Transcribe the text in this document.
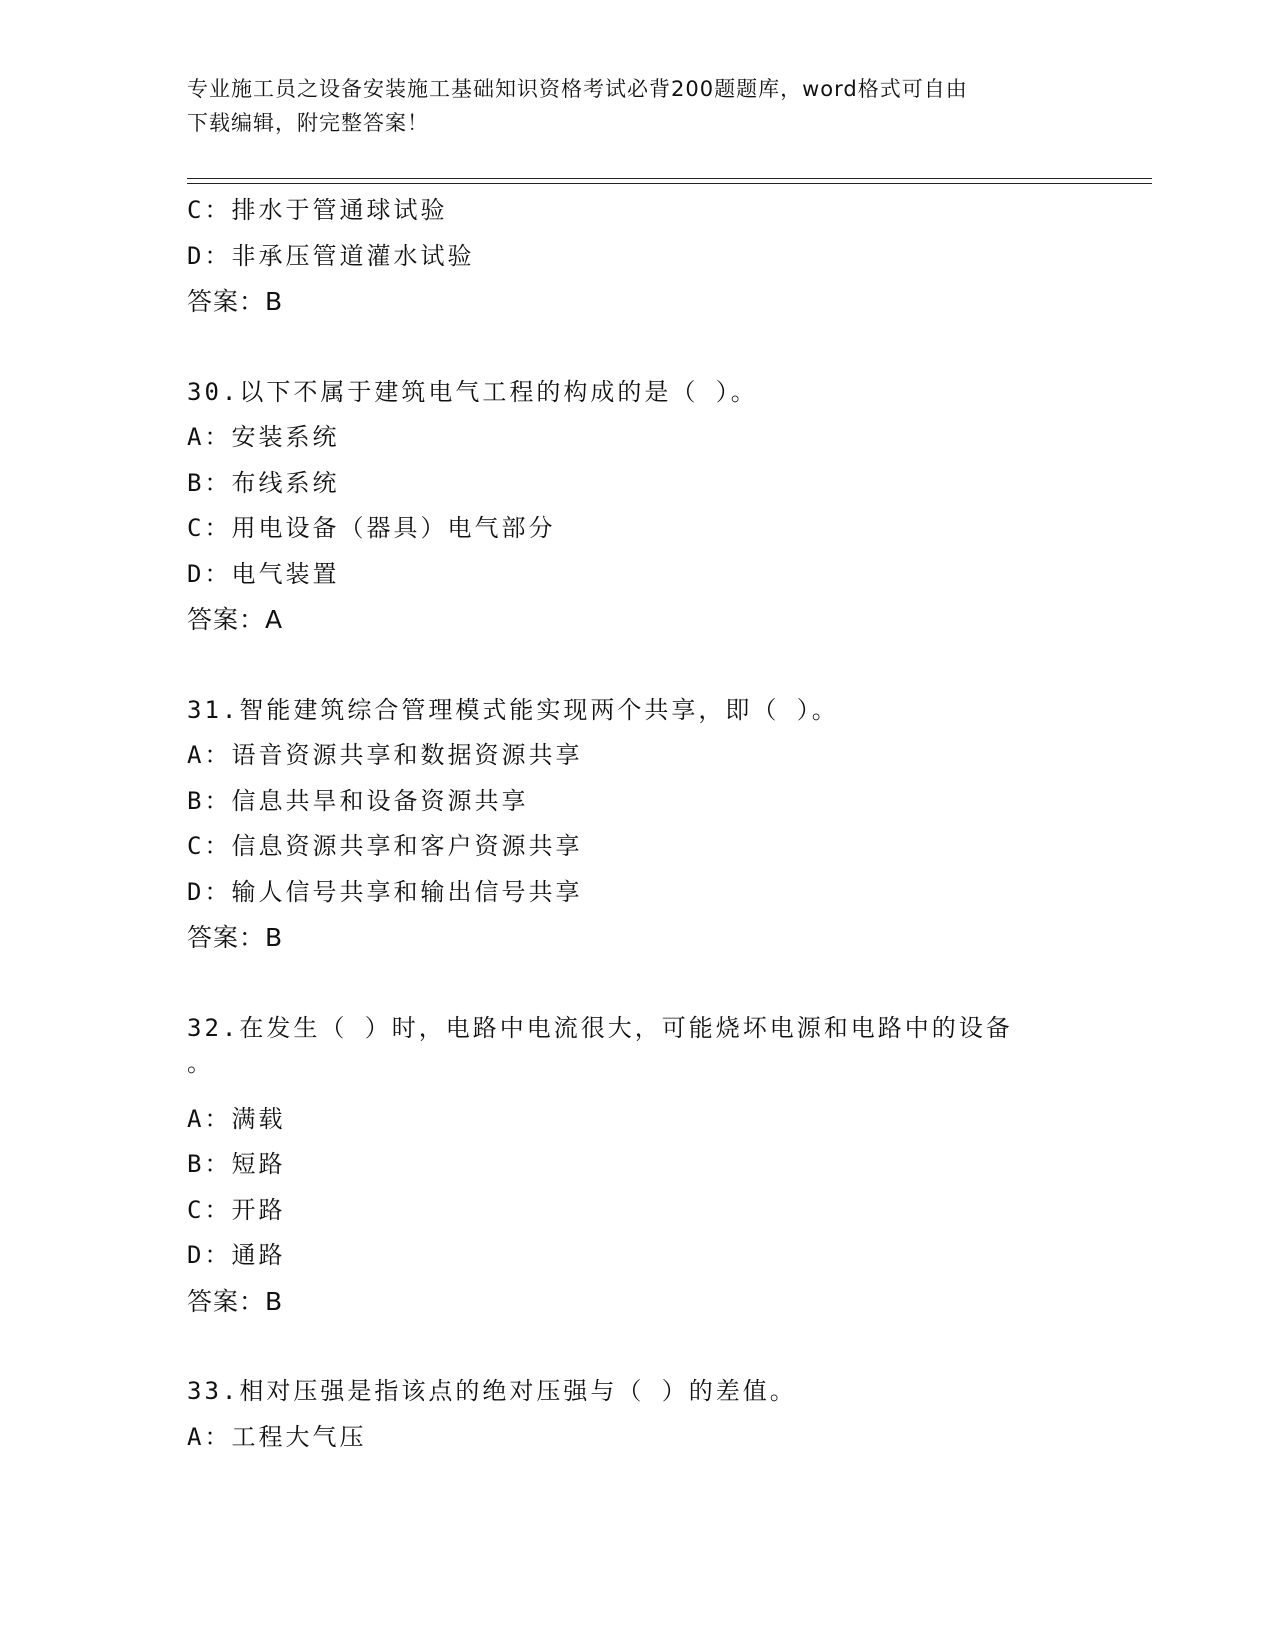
专业施工员之设备安装施工基础知识资格考试必背200题题库，word格式可自由
下载编辑，附完整答案！
C：排水于管通球试验
D：非承压管道灌水试验
答案：B
30.以下不属于建筑电气工程的构成的是（ ）。
A：安装系统
B：布线系统
C：用电设备（器具）电气部分
D：电气装置
答案：A
31.智能建筑综合管理模式能实现两个共享，即（ ）。
A：语音资源共享和数据资源共享
B：信息共旱和设备资源共享
C：信息资源共享和客户资源共享
D：输人信号共享和输出信号共享
答案：B
32.在发生（ ）时，电路中电流很大，可能烧坏电源和电路中的设备
。
A：满载
B：短路
C：开路
D：通路
答案：B
33.相对压强是指该点的绝对压强与（ ）的差值。
A：工程大气压
